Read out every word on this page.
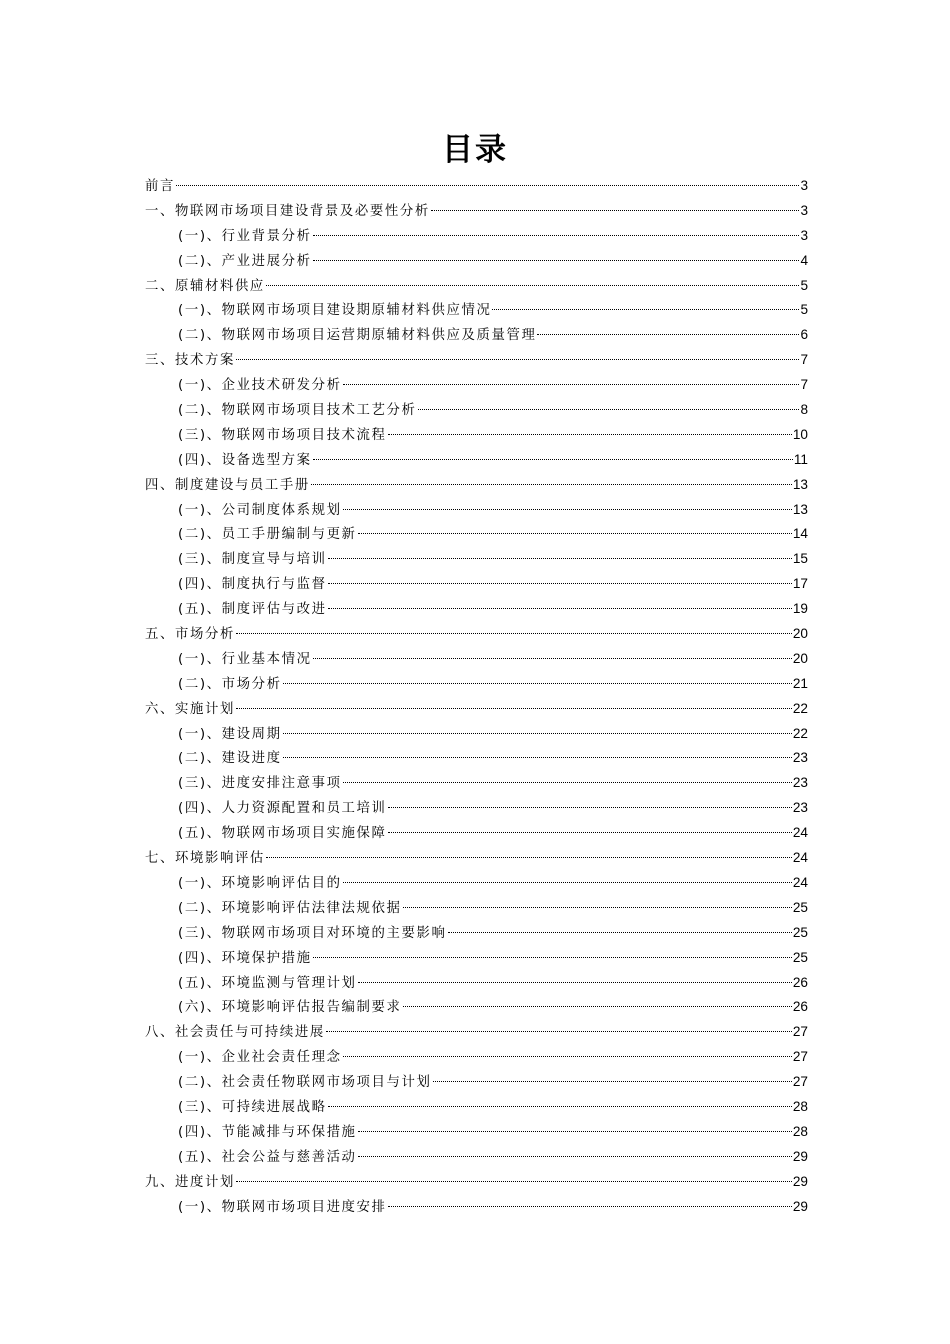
目录
前言	3
一、物联网市场项目建设背景及必要性分析	3
(一)、行业背景分析	3
(二)、产业进展分析	4
二、原辅材料供应	5
(一)、物联网市场项目建设期原辅材料供应情况	5
(二)、物联网市场项目运营期原辅材料供应及质量管理	6
三、技术方案	7
(一)、企业技术研发分析	7
(二)、物联网市场项目技术工艺分析	8
(三)、物联网市场项目技术流程	10
(四)、设备选型方案	11
四、制度建设与员工手册	13
(一)、公司制度体系规划	13
(二)、员工手册编制与更新	14
(三)、制度宣导与培训	15
(四)、制度执行与监督	17
(五)、制度评估与改进	19
五、市场分析	20
(一)、行业基本情况	20
(二)、市场分析	21
六、实施计划	22
(一)、建设周期	22
(二)、建设进度	23
(三)、进度安排注意事项	23
(四)、人力资源配置和员工培训	23
(五)、物联网市场项目实施保障	24
七、环境影响评估	24
(一)、环境影响评估目的	24
(二)、环境影响评估法律法规依据	25
(三)、物联网市场项目对环境的主要影响	25
(四)、环境保护措施	25
(五)、环境监测与管理计划	26
(六)、环境影响评估报告编制要求	26
八、社会责任与可持续进展	27
(一)、企业社会责任理念	27
(二)、社会责任物联网市场项目与计划	27
(三)、可持续进展战略	28
(四)、节能减排与环保措施	28
(五)、社会公益与慈善活动	29
九、进度计划	29
(一)、物联网市场项目进度安排	29
